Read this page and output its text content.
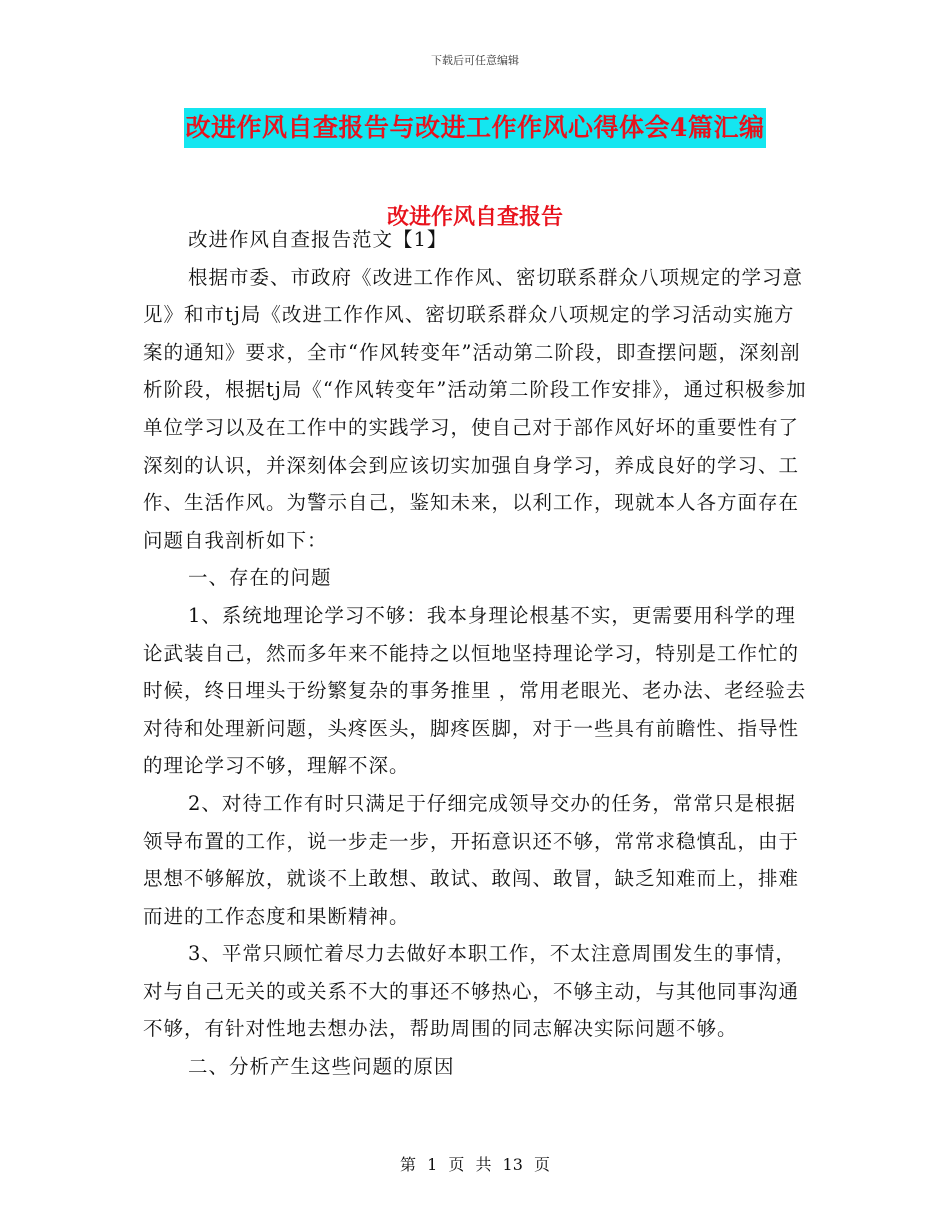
下载后可任意编辑
改进作风自查报告与改进工作作风心得体会4篇汇编
改进作风自查报告

改进作风自查报告范文【1】

根据市委、市政府《改进工作作风、密切联系群众八项规定的学习意见》和市tj局《改进工作作风、密切联系群众八项规定的学习活动实施方案的通知》要求，全市“作风转变年”活动第二阶段，即查摆问题，深刻剖析阶段，根据tj局《“作风转变年”活动第二阶段工作安排》，通过积极参加单位学习以及在工作中的实践学习，使自己对于部作风好坏的重要性有了深刻的认识，并深刻体会到应该切实加强自身学习，养成良好的学习、工作、生活作风。为警示自己，鉴知未来，以利工作，现就本人各方面存在问题自我剖析如下：

一、存在的问题

1、系统地理论学习不够：我本身理论根基不实，更需要用科学的理论武装自己，然而多年来不能持之以恒地坚持理论学习，特别是工作忙的时候，终日埋头于纷繁复杂的事务推里 ，常用老眼光、老办法、老经验去对待和处理新问题，头疼医头，脚疼医脚，对于一些具有前瞻性、指导性的理论学习不够，理解不深。

2、对待工作有时只满足于仔细完成领导交办的任务，常常只是根据领导布置的工作，说一步走一步，开拓意识还不够，常常求稳慎乱，由于思想不够解放，就谈不上敢想、敢试、敢闯、敢冒，缺乏知难而上，排难而进的工作态度和果断精神。

3、平常只顾忙着尽力去做好本职工作，不太注意周围发生的事情，对与自己无关的或关系不大的事还不够热心，不够主动，与其他同事沟通不够，有针对性地去想办法，帮助周围的同志解决实际问题不够。

二、分析产生这些问题的原因

第 1 页 共 13 页
